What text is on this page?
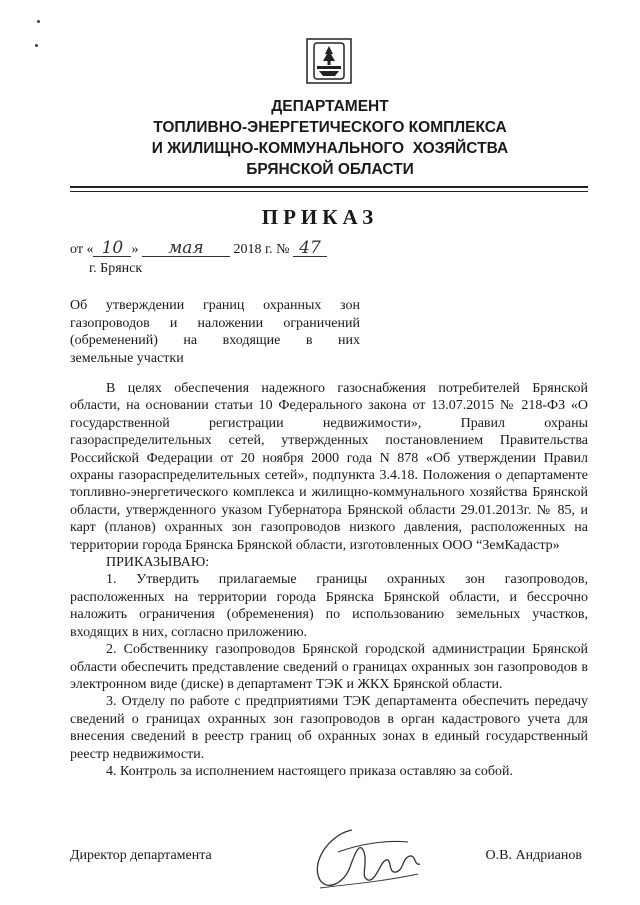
ДЕПАРТАМЕНТ
ТОПЛИВНО-ЭНЕРГЕТИЧЕСКОГО КОМПЛЕКСА
И ЖИЛИЩНО-КОММУНАЛЬНОГО  ХОЗЯЙСТВА
БРЯНСКОЙ ОБЛАСТИ
ПРИКАЗ
от « 10 » мая 2018 г. № 47
г. Брянск
Об утверждении границ охранных зон
газопроводов и наложении ограничений
(обременений) на входящие в них
земельные участки

В целях обеспечения надежного газоснабжения потребителей Брянской области, на основании статьи 10 Федерального закона от 13.07.2015 № 218-ФЗ «О государственной регистрации недвижимости», Правил охраны газораспределительных сетей, утвержденных постановлением Правительства Российской Федерации от 20 ноября 2000 года N 878 «Об утверждении Правил охраны газораспределительных сетей», подпункта 3.4.18. Положения о департаменте топливно-энергетического комплекса и жилищно-коммунального хозяйства Брянской области, утвержденного указом Губернатора Брянской области 29.01.2013г. № 85, и карт (планов) охранных зон газопроводов низкого давления, расположенных на территории города Брянска Брянской области, изготовленных ООО “ЗемКадастр»

ПРИКАЗЫВАЮ:

1. Утвердить прилагаемые границы охранных зон газопроводов, расположенных на территории города Брянска Брянской области, и бессрочно наложить ограничения (обременения) по использованию земельных участков, входящих в них, согласно приложению.

2. Собственнику газопроводов Брянской городской администрации Брянской области обеспечить представление сведений о границах охранных зон газопроводов в электронном виде (диске) в департамент ТЭК и ЖКХ Брянской области.

3. Отделу по работе с предприятиями ТЭК департамента обеспечить передачу сведений о границах охранных зон газопроводов в орган кадастрового учета для внесения сведений в реестр границ об охранных зонах в единый государственный реестр недвижимости.

4. Контроль за исполнением настоящего приказа оставляю за собой.

Директор департамента	О.В. Андрианов
